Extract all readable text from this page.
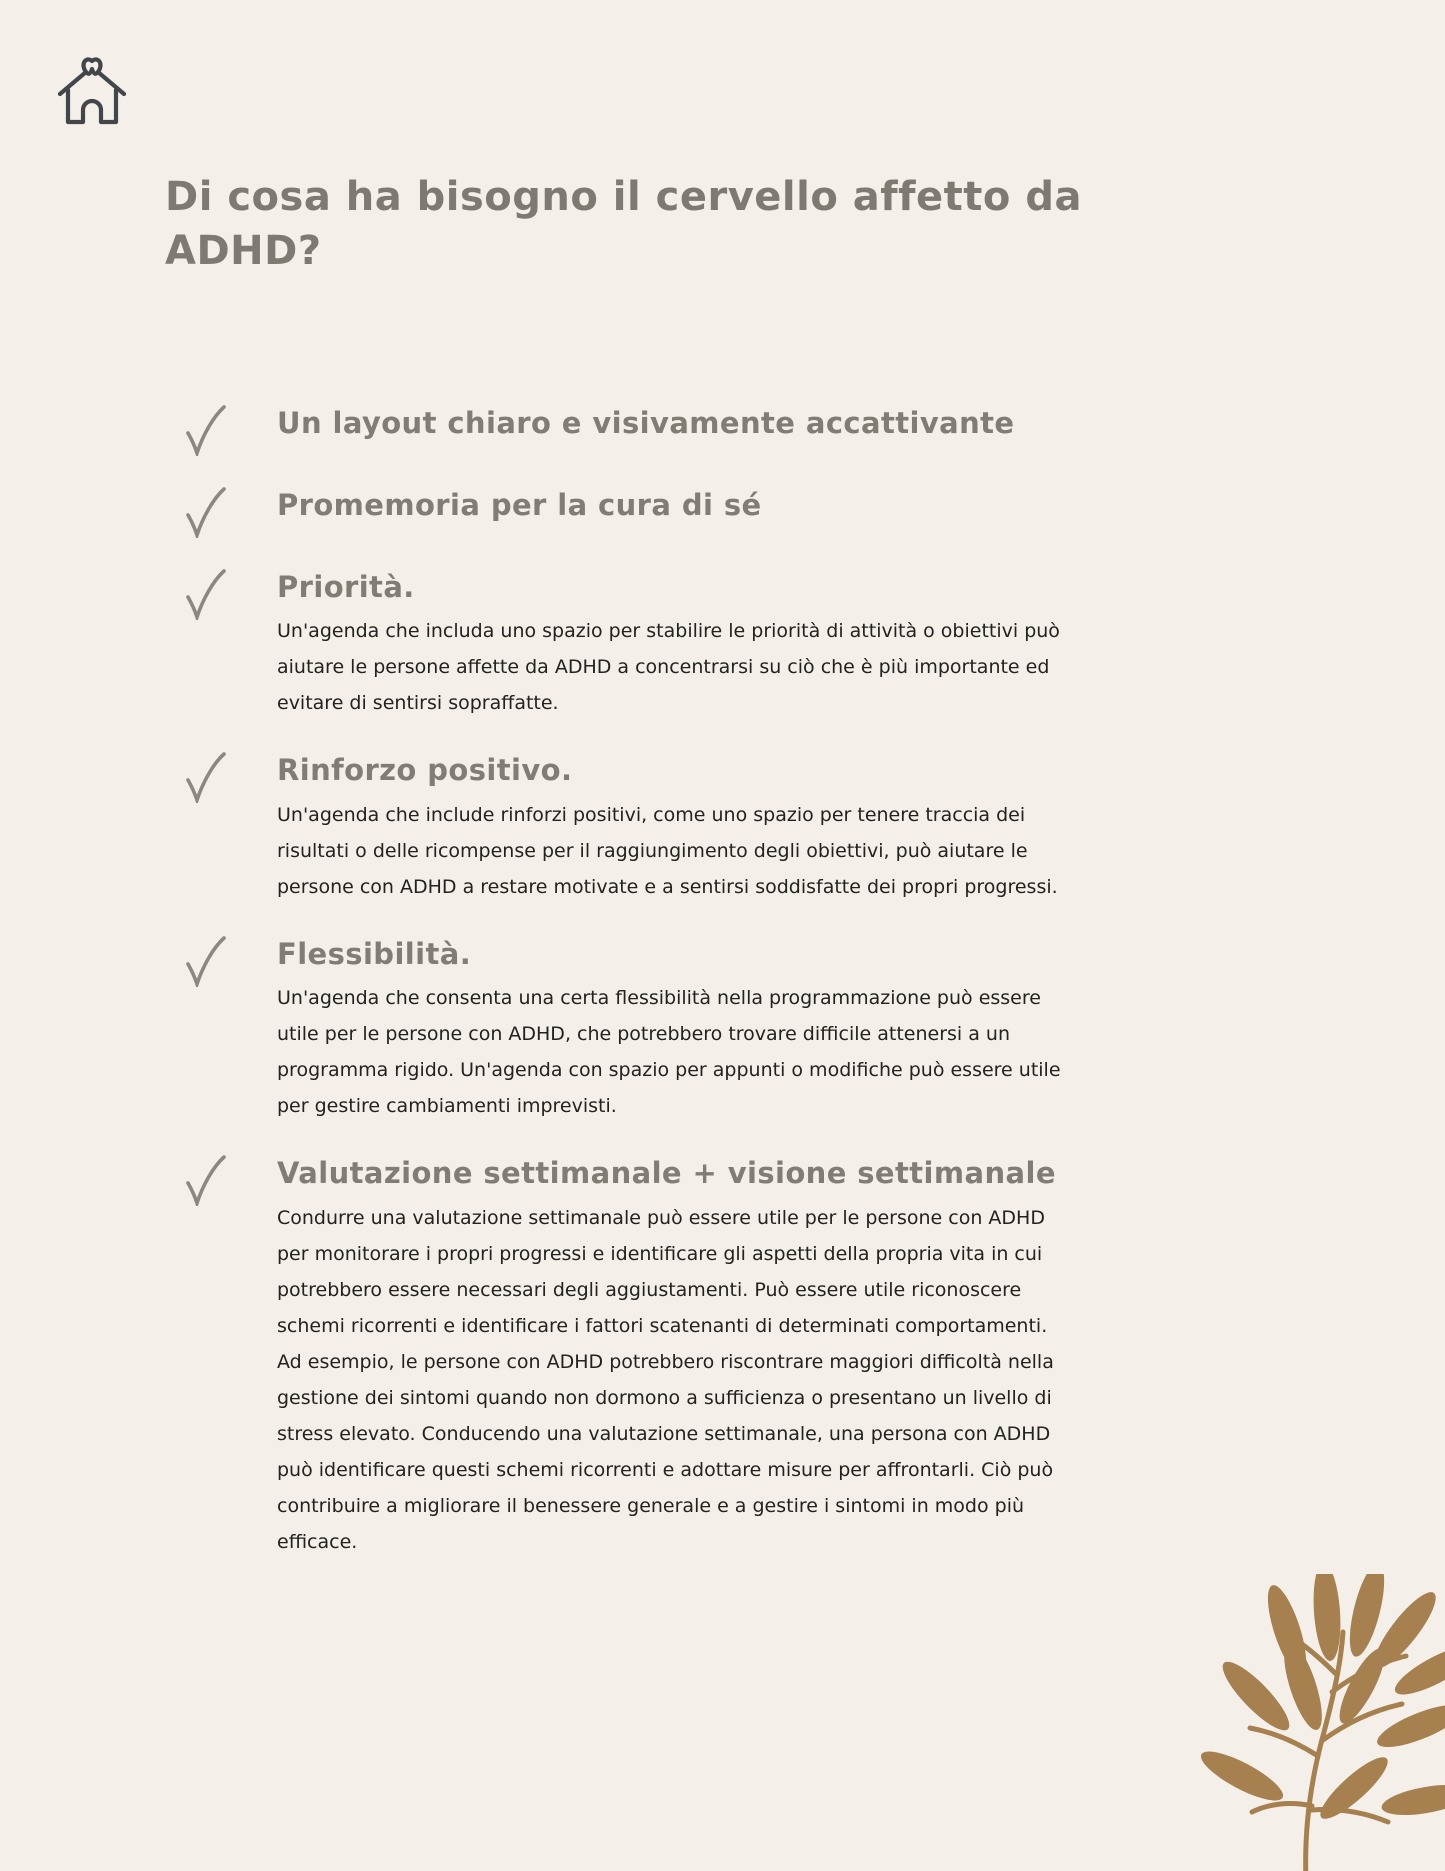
Di cosa ha bisogno il cervello affetto da ADHD?
Un layout chiaro e visivamente accattivante
Promemoria per la cura di sé
Priorità.

Un'agenda che includa uno spazio per stabilire le priorità di attività o obiettivi può aiutare le persone affette da ADHD a concentrarsi su ciò che è più importante ed evitare di sentirsi sopraffatte.

Rinforzo positivo.

Un'agenda che include rinforzi positivi, come uno spazio per tenere traccia dei risultati o delle ricompense per il raggiungimento degli obiettivi, può aiutare le persone con ADHD a restare motivate e a sentirsi soddisfatte dei propri progressi.

Flessibilità.

Un'agenda che consenta una certa flessibilità nella programmazione può essere utile per le persone con ADHD, che potrebbero trovare difficile attenersi a un programma rigido. Un'agenda con spazio per appunti o modifiche può essere utile per gestire cambiamenti imprevisti.

Valutazione settimanale + visione settimanale

Condurre una valutazione settimanale può essere utile per le persone con ADHD per monitorare i propri progressi e identificare gli aspetti della propria vita in cui potrebbero essere necessari degli aggiustamenti. Può essere utile riconoscere schemi ricorrenti e identificare i fattori scatenanti di determinati comportamenti. Ad esempio, le persone con ADHD potrebbero riscontrare maggiori difficoltà nella gestione dei sintomi quando non dormono a sufficienza o presentano un livello di stress elevato. Conducendo una valutazione settimanale, una persona con ADHD può identificare questi schemi ricorrenti e adottare misure per affrontarli. Ciò può contribuire a migliorare il benessere generale e a gestire i sintomi in modo più efficace.
